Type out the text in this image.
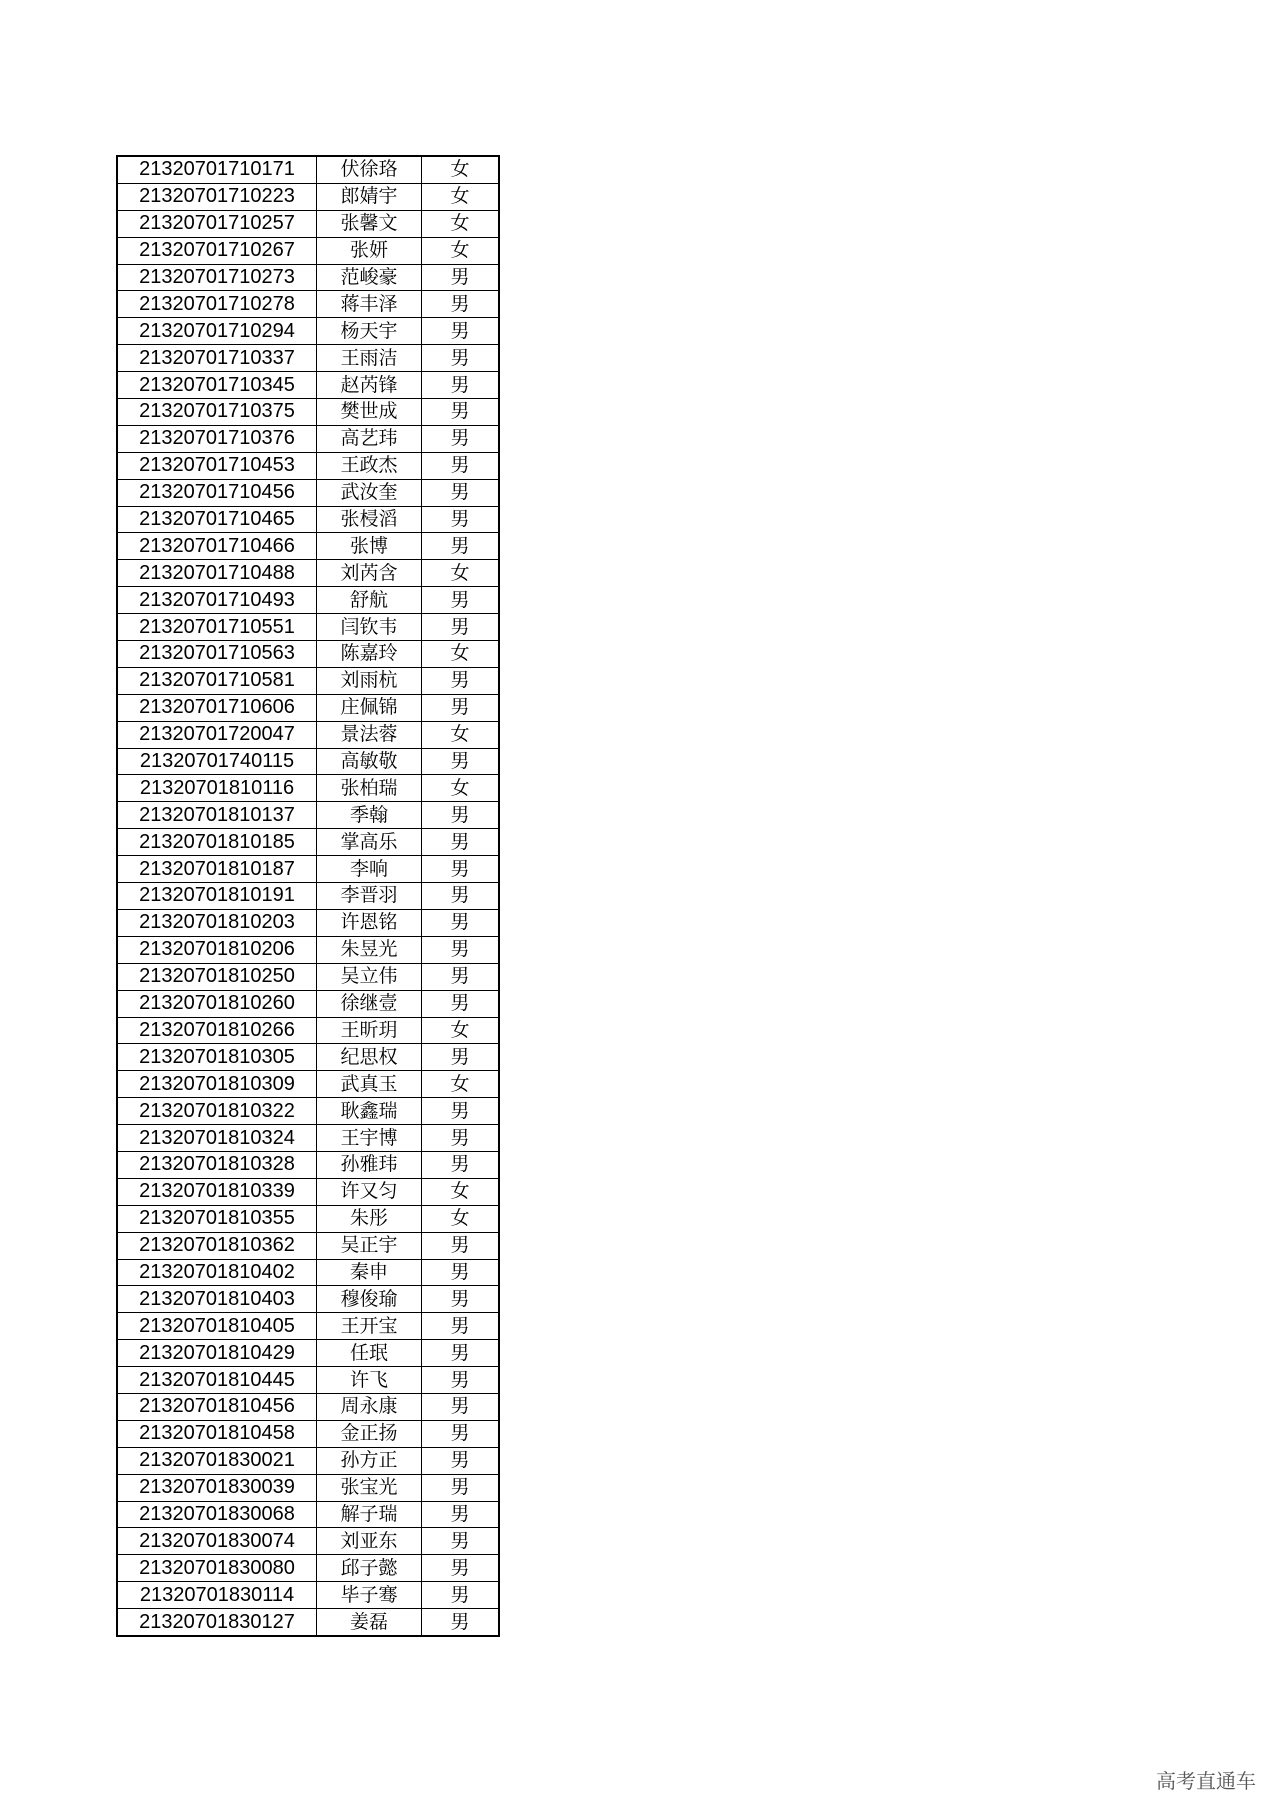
21320701710171	伏徐珞	女
21320701710223	郎婧宇	女
21320701710257	张馨文	女
21320701710267	张妍	女
21320701710273	范峻豪	男
21320701710278	蒋丰泽	男
21320701710294	杨天宇	男
21320701710337	王雨洁	男
21320701710345	赵芮锋	男
21320701710375	樊世成	男
21320701710376	高艺玮	男
21320701710453	王政杰	男
21320701710456	武汝奎	男
21320701710465	张梫滔	男
21320701710466	张博	男
21320701710488	刘芮含	女
21320701710493	舒航	男
21320701710551	闫钦韦	男
21320701710563	陈嘉玲	女
21320701710581	刘雨杭	男
21320701710606	庄佩锦	男
21320701720047	景法蓉	女
21320701740115	高敏敬	男
21320701810116	张柏瑞	女
21320701810137	季翰	男
21320701810185	掌高乐	男
21320701810187	李响	男
21320701810191	李晋羽	男
21320701810203	许恩铭	男
21320701810206	朱昱光	男
21320701810250	吴立伟	男
21320701810260	徐继壹	男
21320701810266	王昕玥	女
21320701810305	纪思权	男
21320701810309	武真玉	女
21320701810322	耿鑫瑞	男
21320701810324	王宇博	男
21320701810328	孙雅玮	男
21320701810339	许又匀	女
21320701810355	朱彤	女
21320701810362	吴正宇	男
21320701810402	秦申	男
21320701810403	穆俊瑜	男
21320701810405	王开宝	男
21320701810429	任珉	男
21320701810445	许飞	男
21320701810456	周永康	男
21320701810458	金正扬	男
21320701830021	孙方正	男
21320701830039	张宝光	男
21320701830068	解子瑞	男
21320701830074	刘亚东	男
21320701830080	邱子懿	男
21320701830114	毕子骞	男
21320701830127	姜磊	男
高考直通车
